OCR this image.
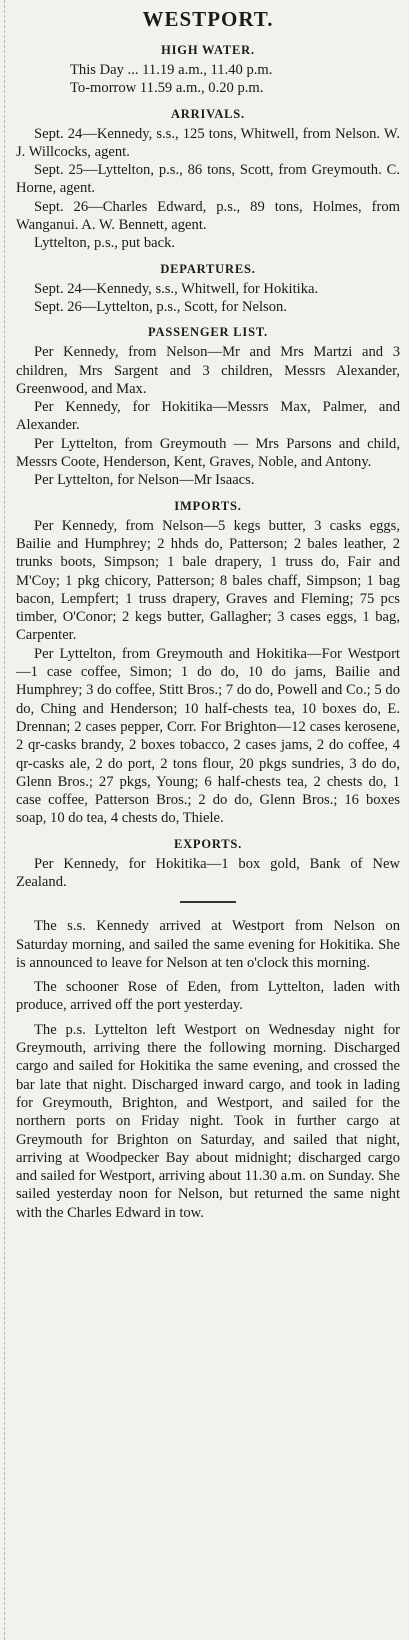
WESTPORT.
HIGH WATER.
This Day ... 11.19 a.m., 11.40 p.m.
To-morrow 11.59 a.m., 0.20 p.m.
ARRIVALS.

Sept. 24—Kennedy, s.s., 125 tons, Whitwell, from Nelson. W. J. Willcocks, agent.

Sept. 25—Lyttelton, p.s., 86 tons, Scott, from Greymouth. C. Horne, agent.

Sept. 26—Charles Edward, p.s., 89 tons, Holmes, from Wanganui. A. W. Bennett, agent.

Lyttelton, p.s., put back.

DEPARTURES.

Sept. 24—Kennedy, s.s., Whitwell, for Hokitika.

Sept. 26—Lyttelton, p.s., Scott, for Nelson.

PASSENGER LIST.

Per Kennedy, from Nelson—Mr and Mrs Martzi and 3 children, Mrs Sargent and 3 children, Messrs Alexander, Greenwood, and Max.

Per Kennedy, for Hokitika—Messrs Max, Palmer, and Alexander.

Per Lyttelton, from Greymouth — Mrs Parsons and child, Messrs Coote, Henderson, Kent, Graves, Noble, and Antony.

Per Lyttelton, for Nelson—Mr Isaacs.

IMPORTS.

Per Kennedy, from Nelson—5 kegs butter, 3 casks eggs, Bailie and Humphrey; 2 hhds do, Patterson; 2 bales leather, 2 trunks boots, Simpson; 1 bale drapery, 1 truss do, Fair and M'Coy; 1 pkg chicory, Patterson; 8 bales chaff, Simpson; 1 bag bacon, Lempfert; 1 truss drapery, Graves and Fleming; 75 pcs timber, O'Conor; 2 kegs butter, Gallagher; 3 cases eggs, 1 bag, Carpenter.

Per Lyttelton, from Greymouth and Hokitika—For Westport—1 case coffee, Simon; 1 do do, 10 do jams, Bailie and Humphrey; 3 do coffee, Stitt Bros.; 7 do do, Powell and Co.; 5 do do, Ching and Henderson; 10 half-chests tea, 10 boxes do, E. Drennan; 2 cases pepper, Corr. For Brighton—12 cases kerosene, 2 qr-casks brandy, 2 boxes tobacco, 2 cases jams, 2 do coffee, 4 qr-casks ale, 2 do port, 2 tons flour, 20 pkgs sundries, 3 do do, Glenn Bros.; 27 pkgs, Young; 6 half-chests tea, 2 chests do, 1 case coffee, Patterson Bros.; 2 do do, Glenn Bros.; 16 boxes soap, 10 do tea, 4 chests do, Thiele.

EXPORTS.

Per Kennedy, for Hokitika—1 box gold, Bank of New Zealand.

The s.s. Kennedy arrived at Westport from Nelson on Saturday morning, and sailed the same evening for Hokitika. She is announced to leave for Nelson at ten o'clock this morning.

The schooner Rose of Eden, from Lyttelton, laden with produce, arrived off the port yesterday.

The p.s. Lyttelton left Westport on Wednesday night for Greymouth, arriving there the following morning. Discharged cargo and sailed for Hokitika the same evening, and crossed the bar late that night. Discharged inward cargo, and took in lading for Greymouth, Brighton, and Westport, and sailed for the northern ports on Friday night. Took in further cargo at Greymouth for Brighton on Saturday, and sailed that night, arriving at Woodpecker Bay about midnight; discharged cargo and sailed for Westport, arriving about 11.30 a.m. on Sunday. She sailed yesterday noon for Nelson, but returned the same night with the Charles Edward in tow.
